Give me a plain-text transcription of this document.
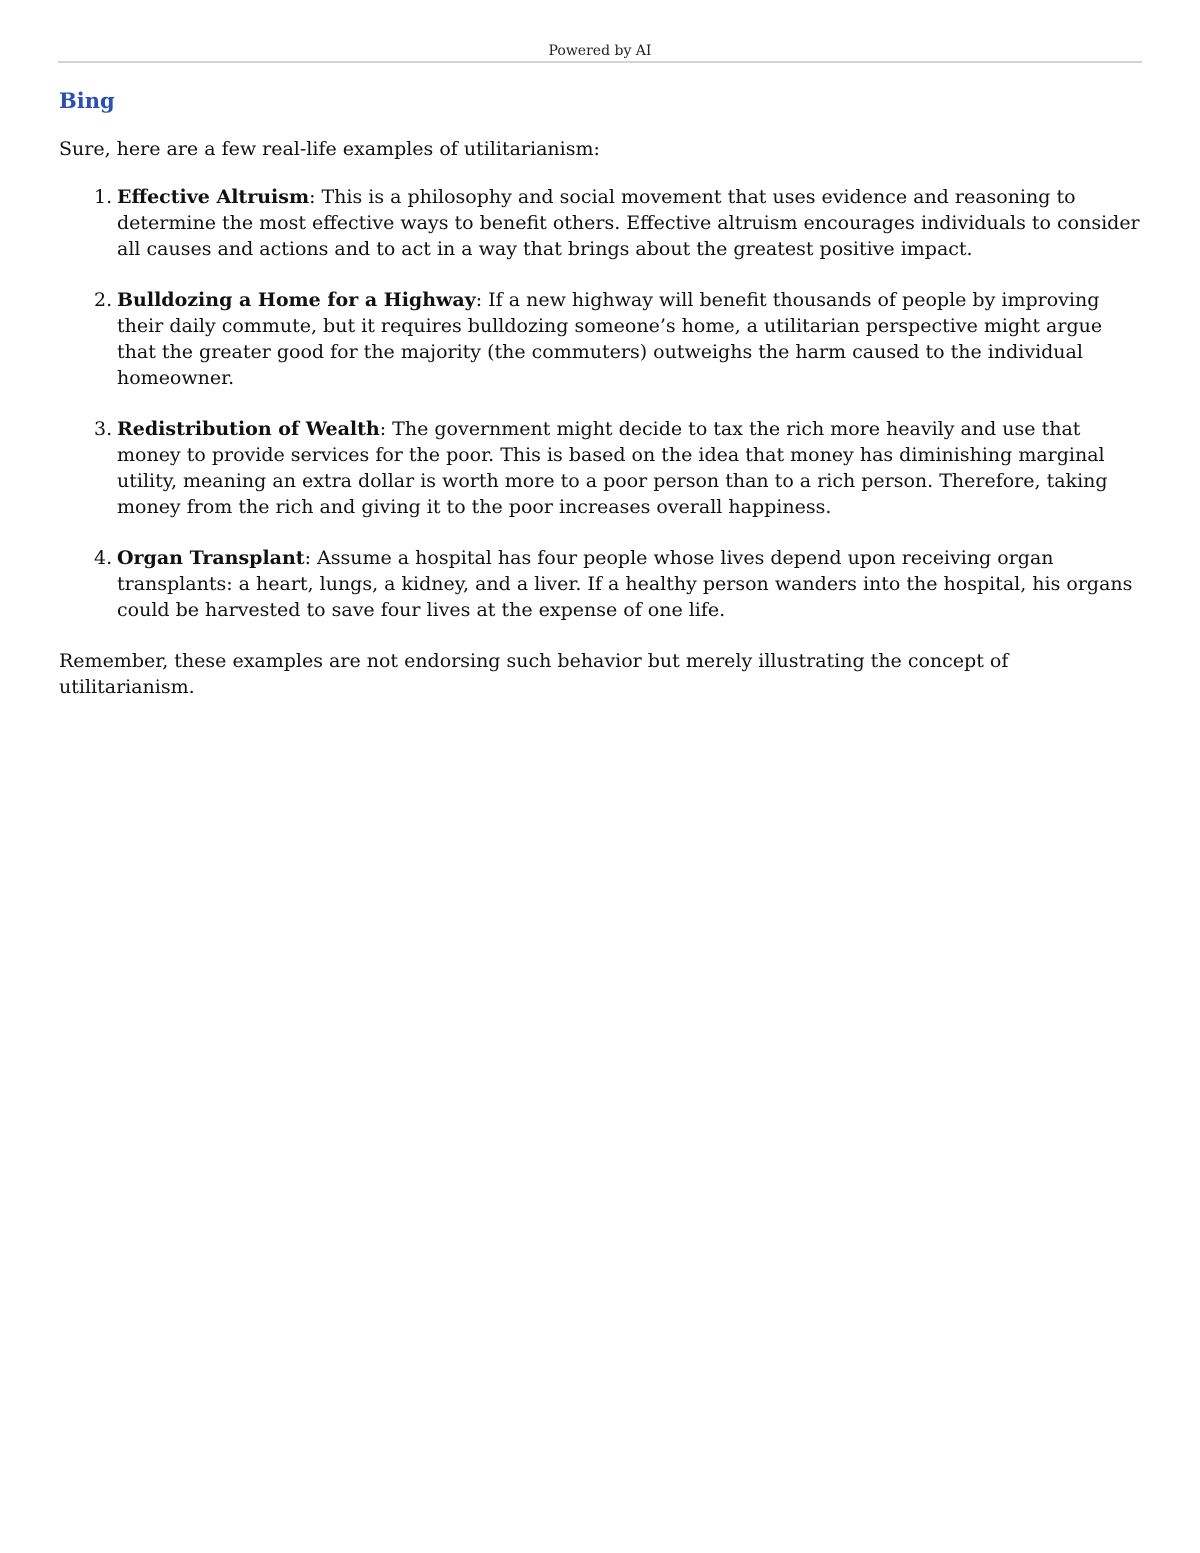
Powered by AI
Bing

Sure, here are a few real-life examples of utilitarianism:

1. Effective Altruism: This is a philosophy and social movement that uses evidence and reasoning to determine the most effective ways to benefit others. Effective altruism encourages individuals to consider all causes and actions and to act in a way that brings about the greatest positive impact.
2. Bulldozing a Home for a Highway: If a new highway will benefit thousands of people by improving their daily commute, but it requires bulldozing someone’s home, a utilitarian perspective might argue that the greater good for the majority (the commuters) outweighs the harm caused to the individual homeowner.
3. Redistribution of Wealth: The government might decide to tax the rich more heavily and use that money to provide services for the poor. This is based on the idea that money has diminishing marginal utility, meaning an extra dollar is worth more to a poor person than to a rich person. Therefore, taking money from the rich and giving it to the poor increases overall happiness.
4. Organ Transplant: Assume a hospital has four people whose lives depend upon receiving organ transplants: a heart, lungs, a kidney, and a liver. If a healthy person wanders into the hospital, his organs could be harvested to save four lives at the expense of one life.

Remember, these examples are not endorsing such behavior but merely illustrating the concept of utilitarianism.
